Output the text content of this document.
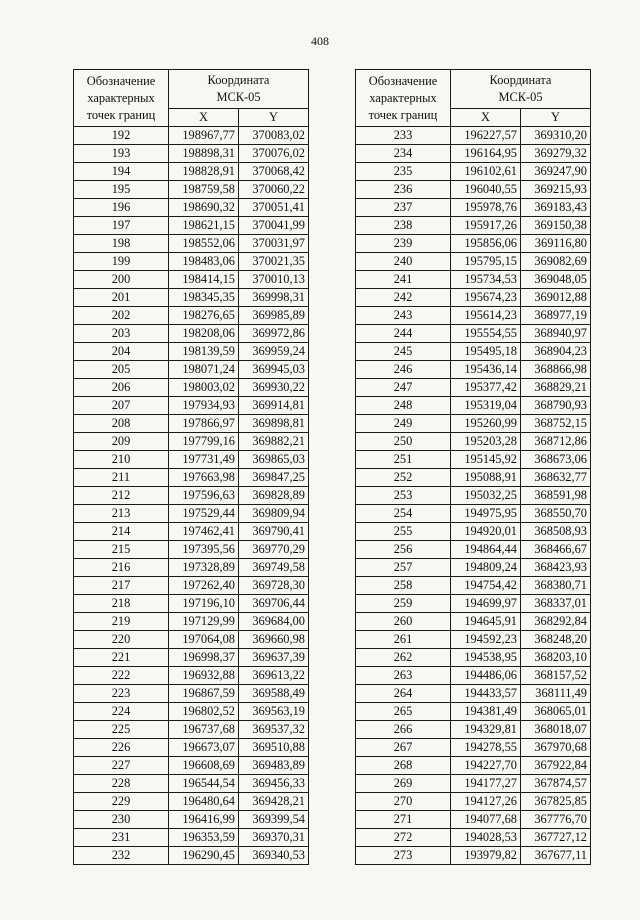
408
Обозначение
характерных
точек границ	Координата
МСК-05	
	X	Y
192	198967,77	370083,02
193	198898,31	370076,02
194	198828,91	370068,42
195	198759,58	370060,22
196	198690,32	370051,41
197	198621,15	370041,99
198	198552,06	370031,97
199	198483,06	370021,35
200	198414,15	370010,13
201	198345,35	369998,31
202	198276,65	369985,89
203	198208,06	369972,86
204	198139,59	369959,24
205	198071,24	369945,03
206	198003,02	369930,22
207	197934,93	369914,81
208	197866,97	369898,81
209	197799,16	369882,21
210	197731,49	369865,03
211	197663,98	369847,25
212	197596,63	369828,89
213	197529,44	369809,94
214	197462,41	369790,41
215	197395,56	369770,29
216	197328,89	369749,58
217	197262,40	369728,30
218	197196,10	369706,44
219	197129,99	369684,00
220	197064,08	369660,98
221	196998,37	369637,39
222	196932,88	369613,22
223	196867,59	369588,49
224	196802,52	369563,19
225	196737,68	369537,32
226	196673,07	369510,88
227	196608,69	369483,89
228	196544,54	369456,33
229	196480,64	369428,21
230	196416,99	369399,54
231	196353,59	369370,31
232	196290,45	369340,53
Обозначение
характерных
точек границ	Координата
МСК-05	
	X	Y
233	196227,57	369310,20
234	196164,95	369279,32
235	196102,61	369247,90
236	196040,55	369215,93
237	195978,76	369183,43
238	195917,26	369150,38
239	195856,06	369116,80
240	195795,15	369082,69
241	195734,53	369048,05
242	195674,23	369012,88
243	195614,23	368977,19
244	195554,55	368940,97
245	195495,18	368904,23
246	195436,14	368866,98
247	195377,42	368829,21
248	195319,04	368790,93
249	195260,99	368752,15
250	195203,28	368712,86
251	195145,92	368673,06
252	195088,91	368632,77
253	195032,25	368591,98
254	194975,95	368550,70
255	194920,01	368508,93
256	194864,44	368466,67
257	194809,24	368423,93
258	194754,42	368380,71
259	194699,97	368337,01
260	194645,91	368292,84
261	194592,23	368248,20
262	194538,95	368203,10
263	194486,06	368157,52
264	194433,57	368111,49
265	194381,49	368065,01
266	194329,81	368018,07
267	194278,55	367970,68
268	194227,70	367922,84
269	194177,27	367874,57
270	194127,26	367825,85
271	194077,68	367776,70
272	194028,53	367727,12
273	193979,82	367677,11
